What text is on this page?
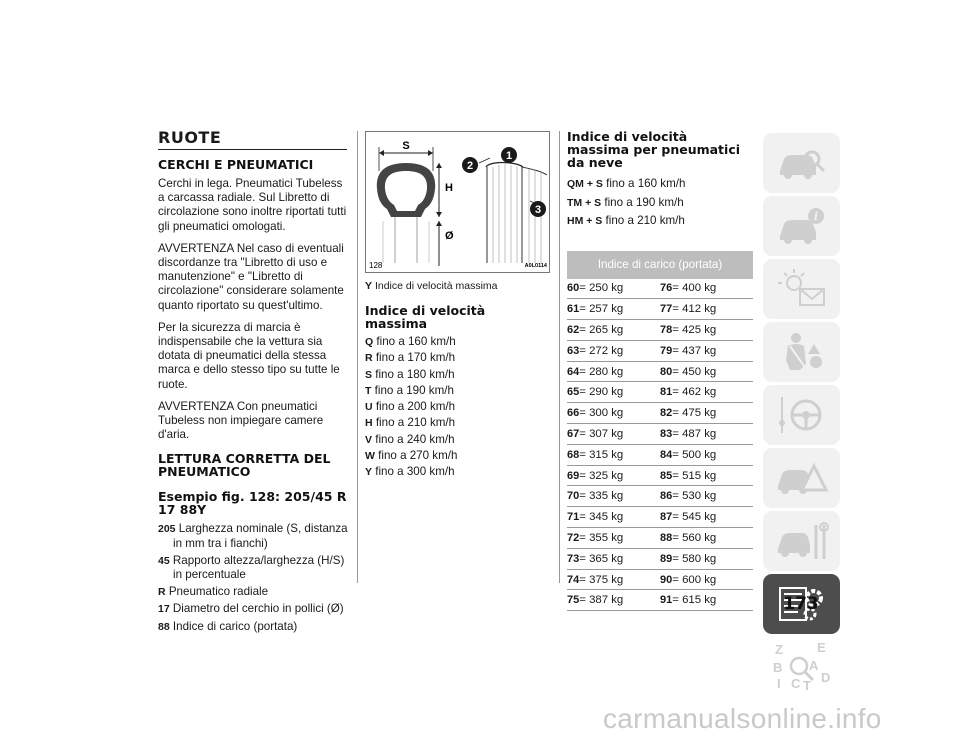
RUOTE
CERCHI E PNEUMATICI

Cerchi in lega. Pneumatici Tubeless a carcassa radiale. Sul Libretto di circolazione sono inoltre riportati tutti gli pneumatici omologati.

AVVERTENZA Nel caso di eventuali discordanze tra "Libretto di uso e manutenzione" e "Libretto di circolazione" considerare solamente quanto riportato su quest'ultimo.

Per la sicurezza di marcia è indispensabile che la vettura sia dotata di pneumatici della stessa marca e dello stesso tipo su tutte le ruote.

AVVERTENZA Con pneumatici Tubeless non impiegare camere d'aria.

LETTURA CORRETTA DEL PNEUMATICO
Esempio fig. 128: 205/45 R 17 88Y
205 Larghezza nominale (S, distanza in mm tra i fianchi)
45 Rapporto altezza/larghezza (H/S) in percentuale
R Pneumatico radiale
17 Diametro del cerchio in pollici (Ø)
88 Indice di carico (portata)
S
H
Ø
2
1
3
128	A0L0114
Y Indice di velocità massima
Indice di velocità massima
Q fino a 160 km/h
R fino a 170 km/h
S fino a 180 km/h
T fino a 190 km/h
U fino a 200 km/h
H fino a 210 km/h
V fino a 240 km/h
W fino a 270 km/h
Y fino a 300 km/h
Indice di velocità massima per pneumatici da neve
QM + S fino a 160 km/h
TM + S fino a 190 km/h
HM + S fino a 210 km/h
Indice di carico (portata)	
60= 250 kg	76= 400 kg
61= 257 kg	77= 412 kg
62= 265 kg	78= 425 kg
63= 272 kg	79= 437 kg
64= 280 kg	80= 450 kg
65= 290 kg	81= 462 kg
66= 300 kg	82= 475 kg
67= 307 kg	83= 487 kg
68= 315 kg	84= 500 kg
69= 325 kg	85= 515 kg
70= 335 kg	86= 530 kg
71= 345 kg	87= 545 kg
72= 355 kg	88= 560 kg
73= 365 kg	89= 580 kg
74= 375 kg	90= 600 kg
75= 387 kg	91= 615 kg
i
Z	E
B A
C D
I T
173
carmanualsonline.info
